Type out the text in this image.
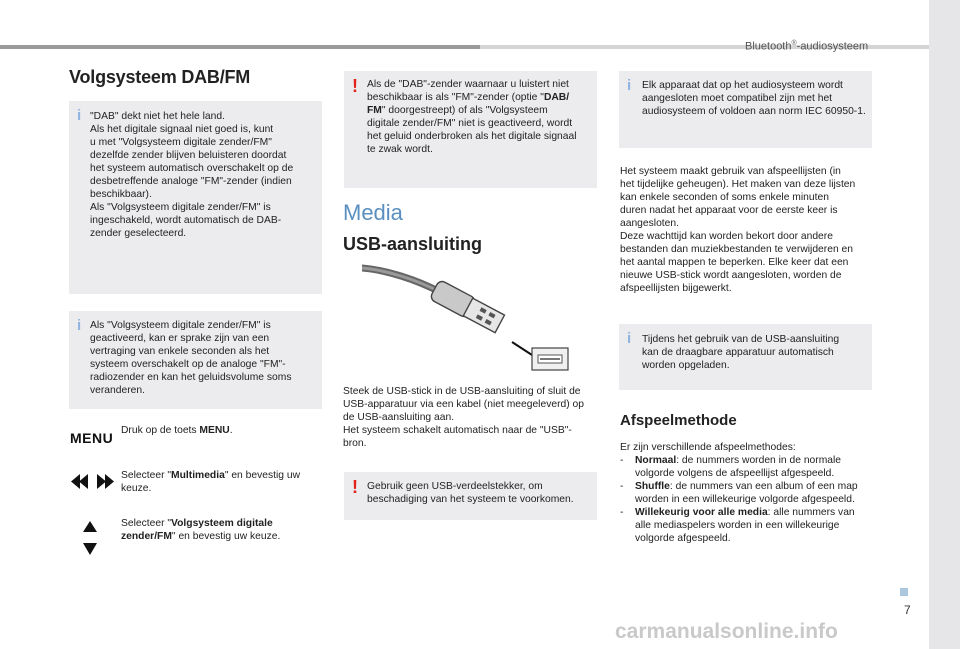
Bluetooth®-audiosysteem
Volgsysteem DAB/FM
i "DAB" dekt niet het hele land.
Als het digitale signaal niet goed is, kunt
u met "Volgsysteem digitale zender/FM"
dezelfde zender blijven beluisteren doordat
het systeem automatisch overschakelt op de
desbetreffende analoge "FM"-zender (indien
beschikbaar).
Als "Volgsysteem digitale zender/FM" is
ingeschakeld, wordt automatisch de DAB-
zender geselecteerd.
i Als "Volgsysteem digitale zender/FM" is
geactiveerd, kan er sprake zijn van een
vertraging van enkele seconden als het
systeem overschakelt op de analoge "FM"-
radiozender en kan het geluidsvolume soms
veranderen.
MENU Druk op de toets MENU.
Selecteer "Multimedia" en bevestig uw
keuze.
Selecteer "Volgsysteem digitale
zender/FM" en bevestig uw keuze.
! Als de "DAB"-zender waarnaar u luistert niet
beschikbaar is als "FM"-zender (optie "DAB/
FM" doorgestreept) of als "Volgsysteem
digitale zender/FM" niet is geactiveerd, wordt
het geluid onderbroken als het digitale signaal
te zwak wordt.
Media
USB-aansluiting
Steek de USB-stick in de USB-aansluiting of sluit de
USB-apparatuur via een kabel (niet meegeleverd) op
de USB-aansluiting aan.
Het systeem schakelt automatisch naar de "USB"-
bron.
! Gebruik geen USB-verdeelstekker, om
beschadiging van het systeem te voorkomen.
i Elk apparaat dat op het audiosysteem wordt
aangesloten moet compatibel zijn met het
audiosysteem of voldoen aan norm IEC 60950-1.
Het systeem maakt gebruik van afspeellijsten (in
het tijdelijke geheugen). Het maken van deze lijsten
kan enkele seconden of soms enkele minuten
duren nadat het apparaat voor de eerste keer is
aangesloten.
Deze wachttijd kan worden bekort door andere
bestanden dan muziekbestanden te verwijderen en
het aantal mappen te beperken. Elke keer dat een
nieuwe USB-stick wordt aangesloten, worden de
afspeellijsten bijgewerkt.
i Tijdens het gebruik van de USB-aansluiting
kan de draagbare apparatuur automatisch
worden opgeladen.
Afspeelmethode
Er zijn verschillende afspeelmethodes:
-	Normaal: de nummers worden in de normale
volgorde volgens de afspeellijst afgespeeld.
-	Shuffle: de nummers van een album of een map
worden in een willekeurige volgorde afgespeeld.
-	Willekeurig voor alle media: alle nummers van
alle mediaspelers worden in een willekeurige
volgorde afgespeeld.
7
carmanualsonline.info
